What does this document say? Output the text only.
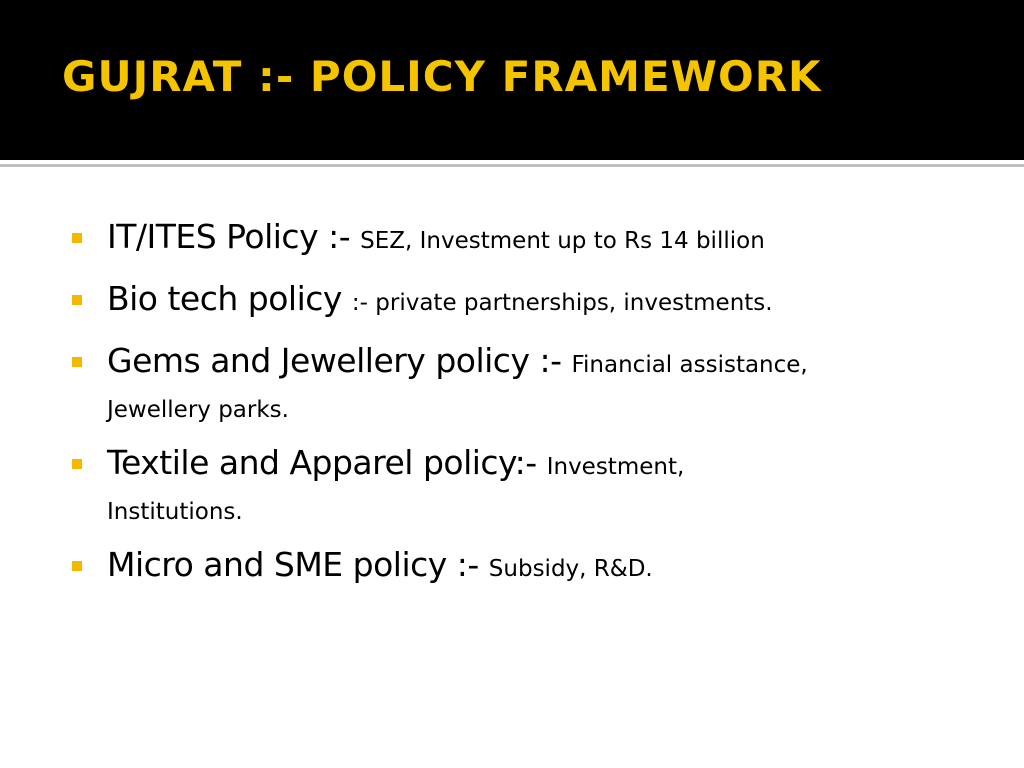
GUJRAT :- POLICY FRAMEWORK
IT/ITES Policy :- SEZ, Investment up to Rs 14 billion
Bio tech policy :- private partnerships, investments.
Gems and Jewellery policy :- Financial assistance,
Jewellery parks.
Textile and Apparel policy:- Investment,
Institutions.
Micro and SME policy :- Subsidy, R&D.
